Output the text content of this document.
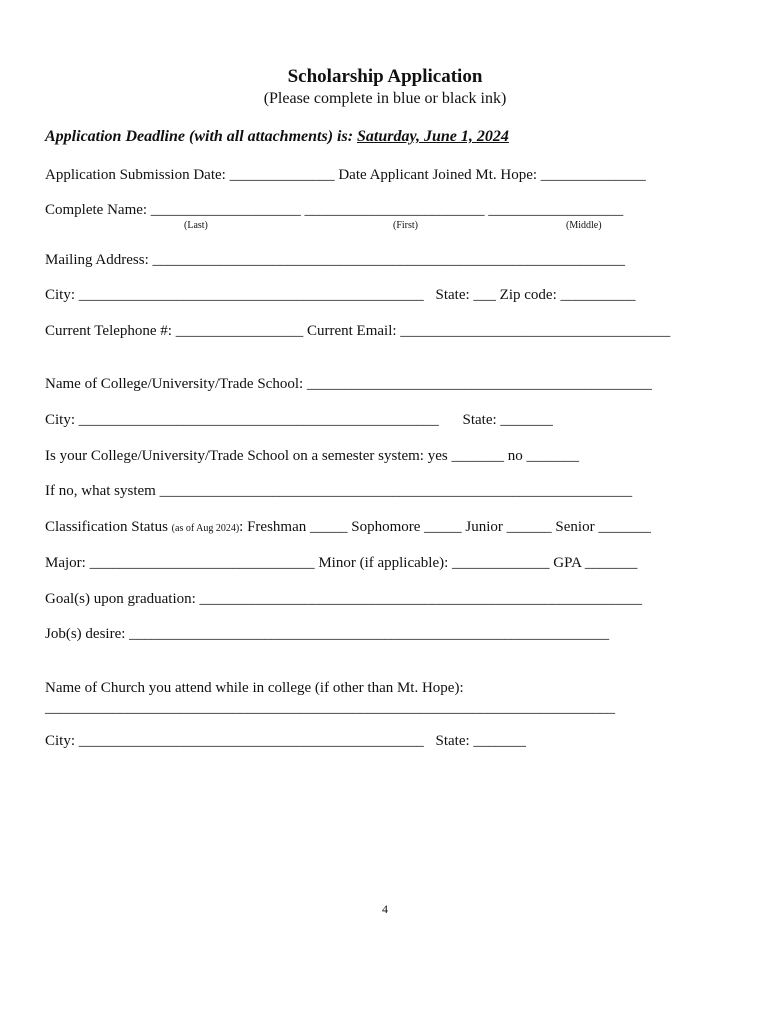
Scholarship Application
(Please complete in blue or black ink)
Application Deadline (with all attachments) is: Saturday, June 1, 2024
Application Submission Date: ______________ Date Applicant Joined Mt. Hope: ______________
Complete Name: ____________________ ________________________ __________________
(Last)	(First)	(Middle)
Mailing Address: _______________________________________________________________
City: ______________________________________________ State: ___ Zip code: __________
Current Telephone #: _________________ Current Email: ____________________________________
Name of College/University/Trade School: ______________________________________________
City: ________________________________________________ State: _______
Is your College/University/Trade School on a semester system: yes _______ no _______
If no, what system _______________________________________________________________
Classification Status (as of Aug 2024): Freshman _____ Sophomore _____ Junior ______ Senior _______
Major: ______________________________ Minor (if applicable): _____________ GPA _______
Goal(s) upon graduation: ___________________________________________________________
Job(s) desire: ________________________________________________________________
Name of Church you attend while in college (if other than Mt. Hope):
____________________________________________________________________________
City: ______________________________________________ State: _______
4
